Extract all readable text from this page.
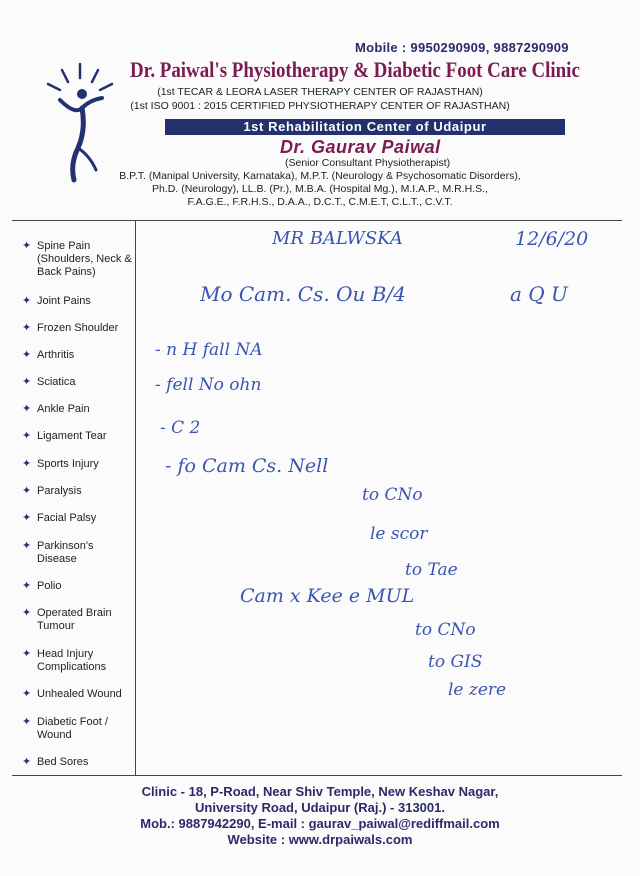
Mobile : 9950290909, 9887290909
Dr. Paiwal's Physiotherapy & Diabetic Foot Care Clinic
(1st TECAR & LEORA LASER THERAPY CENTER OF RAJASTHAN)
(1st ISO 9001 : 2015 CERTIFIED PHYSIOTHERAPY CENTER OF RAJASTHAN)
1st Rehabilitation Center of Udaipur
Dr. Gaurav Paiwal
(Senior Consultant Physiotherapist)
B.P.T. (Manipal University, Karnataka), M.P.T. (Neurology & Psychosomatic Disorders),
Ph.D. (Neurology), LL.B. (Pr.), M.B.A. (Hospital Mg.), M.I.A.P., M.R.H.S.,
F.A.G.E., F.R.H.S., D.A.A., D.C.T., C.M.E.T, C.L.T., C.V.T.
✦ Spine Pain (Shoulders, Neck & Back Pains)
✦ Joint Pains
✦ Frozen Shoulder
✦ Arthritis
✦ Sciatica
✦ Ankle Pain
✦ Ligament Tear
✦ Sports Injury
✦ Paralysis
✦ Facial Palsy
✦ Parkinson's Disease
✦ Polio
✦ Operated Brain Tumour
✦ Head Injury Complications
✦ Unhealed Wound
✦ Diabetic Foot / Wound
✦ Bed Sores
MR BALWSKA	12/6/20
Mo Cam. Cs. Ou B/4	a Q U
- n H fall NA
- fell No ohn
- C 2
- fo Cam Cs. Nell
to CNo
le scor
to Tae
Cam x Kee e MUL
to CNo
to GIS
le zere
Clinic - 18, P-Road, Near Shiv Temple, New Keshav Nagar,
University Road, Udaipur (Raj.) - 313001.
Mob.: 9887942290, E-mail : gaurav_paiwal@rediffmail.com
Website : www.drpaiwals.com
